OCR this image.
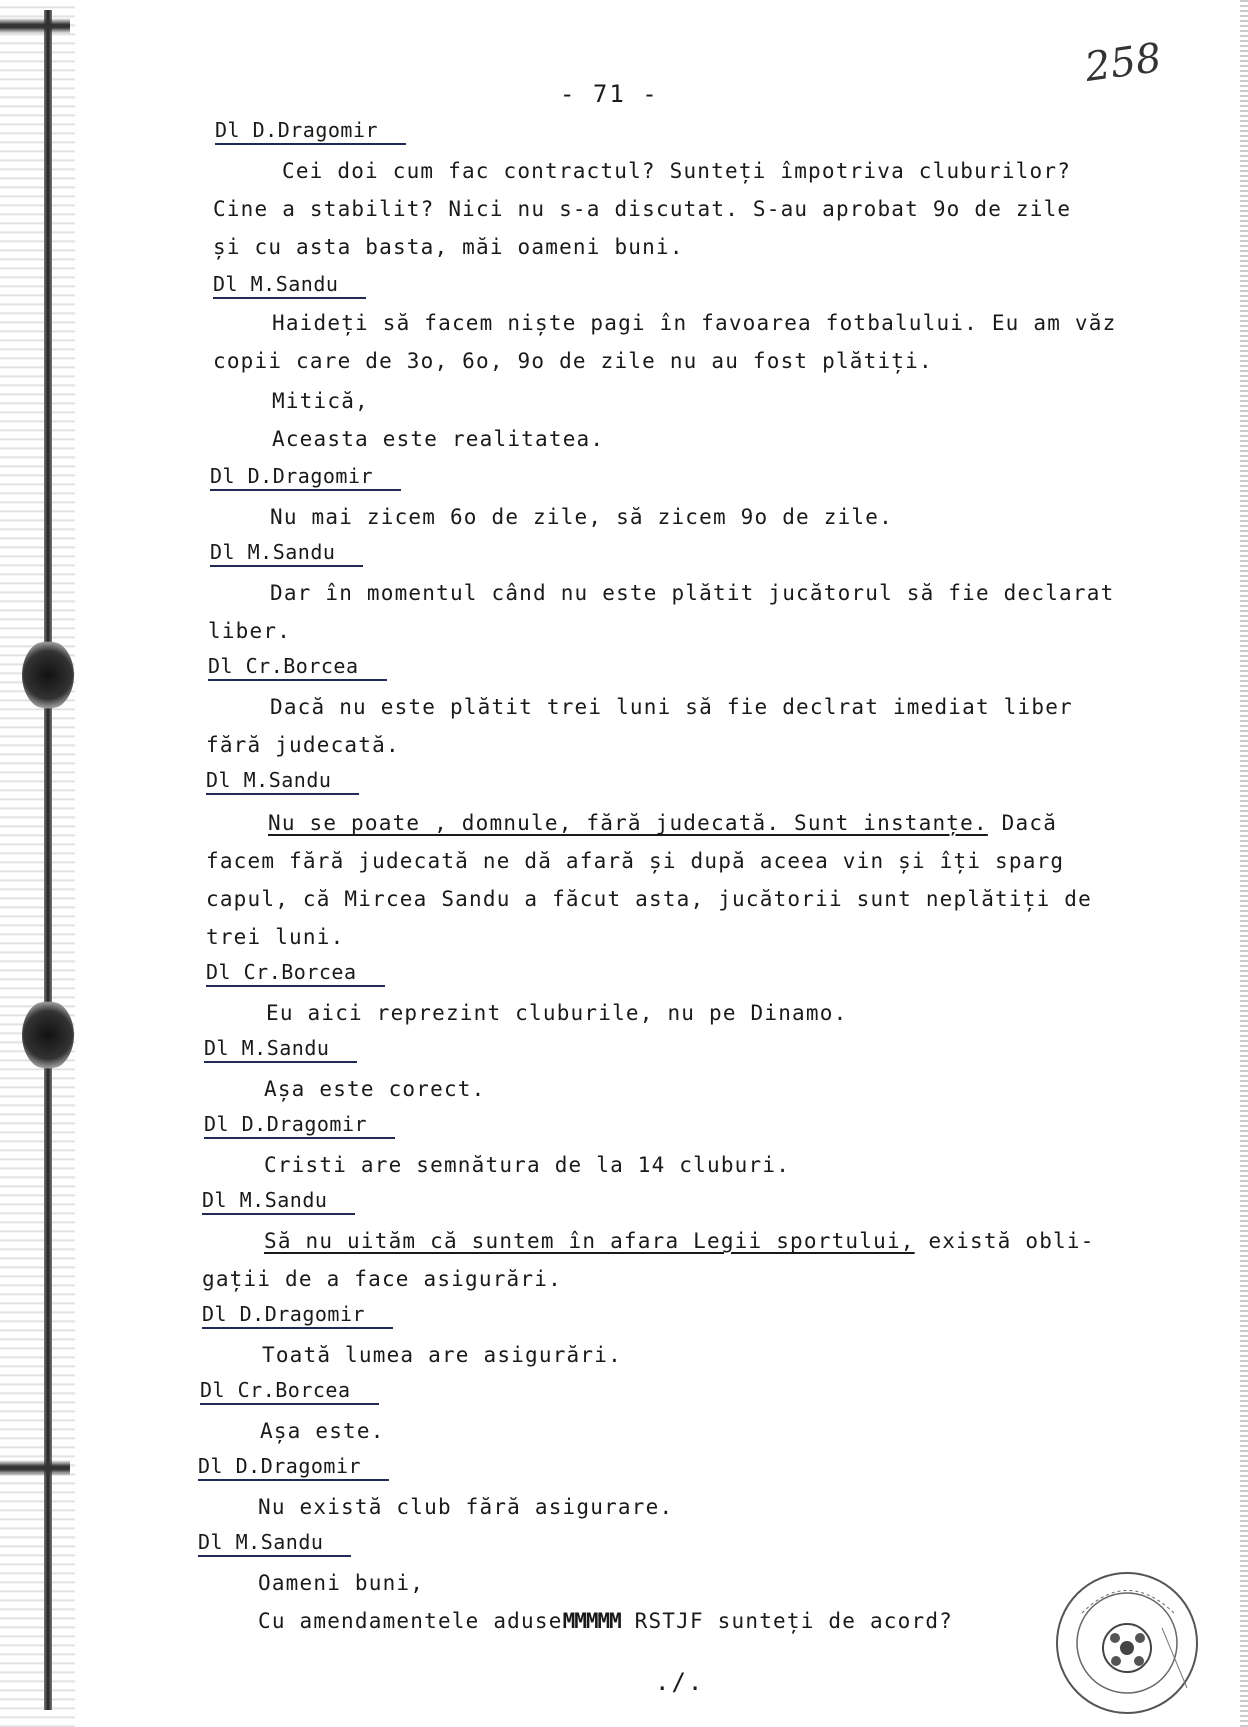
- 71 -
258
Dl D.Dragomir
Cei doi cum fac contractul? Sunteți împotriva cluburilor?
Cine a stabilit? Nici nu s-a discutat. S-au aprobat 9o de zile
și cu asta basta, măi oameni buni.
Dl M.Sandu
Haideți să facem niște pagi în favoarea fotbalului. Eu am văz
copii care de 3o, 6o, 9o de zile nu au fost plătiți.
Mitică,
Aceasta este realitatea.
Dl D.Dragomir
Nu mai zicem 6o de zile, să zicem 9o de zile.
Dl M.Sandu
Dar în momentul când nu este plătit jucătorul să fie declarat
liber.
Dl Cr.Borcea
Dacă nu este plătit trei luni să fie declrat imediat liber
fără judecată.
Dl M.Sandu
Nu se poate , domnule, fără judecată. Sunt instanțe. Dacă
facem fără judecată ne dă afară și după aceea vin și îți sparg
capul, că Mircea Sandu a făcut asta, jucătorii sunt neplătiți de
trei luni.
Dl Cr.Borcea
Eu aici reprezint cluburile, nu pe Dinamo.
Dl M.Sandu
Așa este corect.
Dl D.Dragomir
Cristi are semnătura de la 14 cluburi.
Dl M.Sandu
Să nu uităm că suntem în afara Legii sportului, există obli-
gații de a face asigurări.
Dl D.Dragomir
Toată lumea are asigurări.
Dl Cr.Borcea
Așa este.
Dl D.Dragomir
Nu există club fără asigurare.
Dl M.Sandu
Oameni buni,
Cu amendamentele aduseMMMMM RSTJF sunteți de acord?
./.
